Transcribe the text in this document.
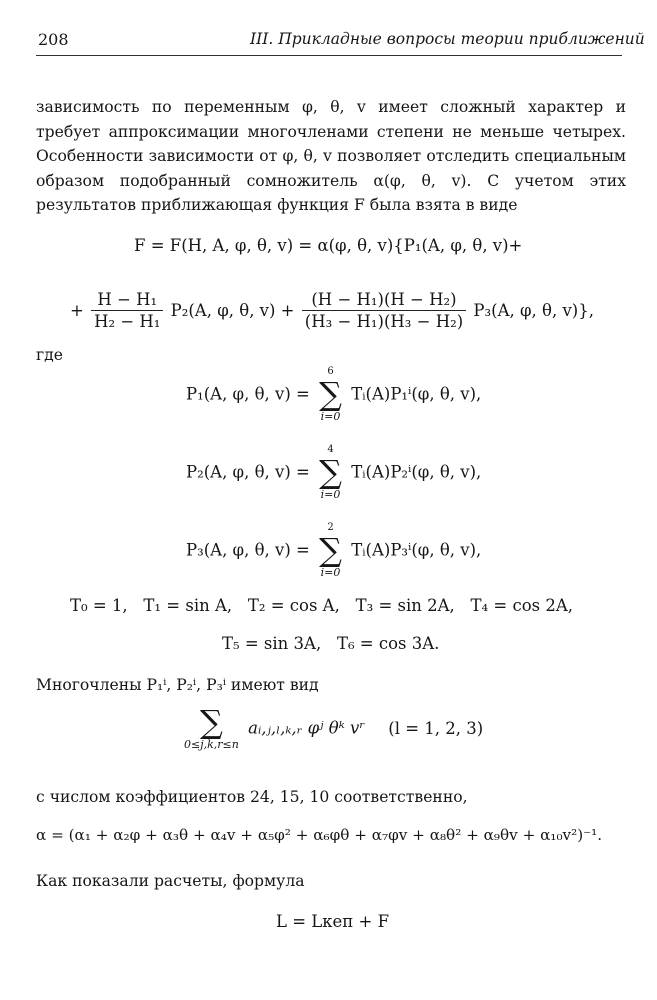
208	III. Прикладные вопросы теории приближений

зависимость по переменным φ, θ, v имеет сложный характер и требует аппроксимации многочленами степени не меньше четырех. Особенности зависимости от φ, θ, v позволяет отследить специальным образом подобранный сомножитель α(φ, θ, v). С учетом этих результатов приближающая функция F была взята в виде

F = F(H, A, φ, θ, v) = α(φ, θ, v){P₁(A, φ, θ, v)+
+ $\frac{\text{H − H₁}}{\text{H₂ − H₁}} P_2(A$, φ, θ, $v) + \frac{\text{(H − H₁)(H − H₂)}}{\text{(H₃ − H₁)(H₃ − H₂)}} P_3(A$, φ, θ, v)},
где
P₁(A, φ, θ, v) =
6
∑
i=0
Tᵢ(A)P₁ⁱ(φ, θ, v),
P₂(A, φ, θ, v) =
4
∑
i=0
Tᵢ(A)P₂ⁱ(φ, θ, v),
P₃(A, φ, θ, v) =
2
∑
i=0
Tᵢ(A)P₃ⁱ(φ, θ, v),
T₀ = 1,   T₁ = sin A,   T₂ = cos A,   T₃ = sin 2A,   T₄ = cos 2A,
T₅ = sin 3A,   T₆ = cos 3A.
Многочлены P₁ⁱ, P₂ⁱ, P₃ⁱ имеют вид
∑
0≤j,k,r≤n
aᵢ,ⱼ,ₗ,ₖ,ᵣ φʲ θᵏ vʳ (l = 1, 2, 3)
с числом коэффициентов 24, 15, 10 соответственно,
α = (α₁ + α₂φ + α₃θ + α₄v + α₅φ² + α₆φθ + α₇φv + α₈θ² + α₉θv + α₁₀v²)⁻¹.
Как показали расчеты, формула
L = Lкеп + F
